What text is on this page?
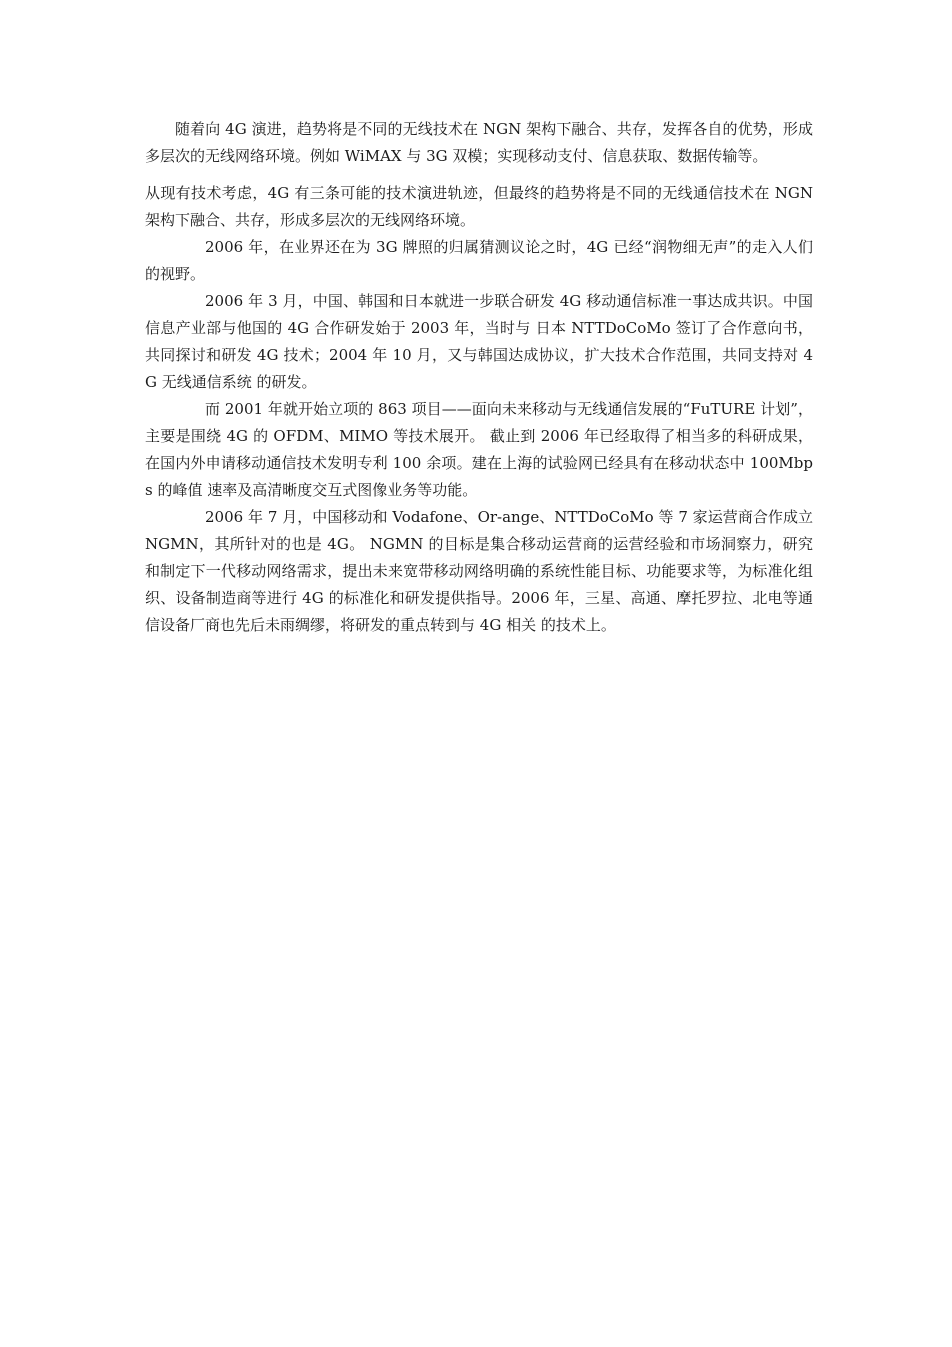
随着向 4G 演进，趋势将是不同的无线技术在 NGN 架构下融合、共存，发挥各自的优势，形成多层次的无线网络环境。例如 WiMAX 与 3G 双模；实现移动支付、信息获取、数据传输等。

从现有技术考虑，4G 有三条可能的技术演进轨迹，但最终的趋势将是不同的无线通信技术在 NGN 架构下融合、共存，形成多层次的无线网络环境。

2006 年，在业界还在为 3G 牌照的归属猜测议论之时，4G 已经“润物细无声”的走入人们的视野。

2006 年 3 月，中国、韩国和日本就进一步联合研发 4G 移动通信标准一事达成共识。中国信息产业部与他国的 4G 合作研发始于 2003 年，当时与 日本 NTTDoCoMo 签订了合作意向书，共同探讨和研发 4G 技术；2004 年 10 月，又与韩国达成协议，扩大技术合作范围，共同支持对 4G 无线通信系统 的研发。

而 2001 年就开始立项的 863 项目——面向未来移动与无线通信发展的“FuTURE 计划”，主要是围绕 4G 的 OFDM、MIMO 等技术展开。 截止到 2006 年已经取得了相当多的科研成果，在国内外申请移动通信技术发明专利 100 余项。建在上海的试验网已经具有在移动状态中 100Mbps 的峰值 速率及高清晰度交互式图像业务等功能。

2006 年 7 月，中国移动和 Vodafone、Or-ange、NTTDoCoMo 等 7 家运营商合作成立 NGMN，其所针对的也是 4G。 NGMN 的目标是集合移动运营商的运营经验和市场洞察力，研究和制定下一代移动网络需求，提出未来宽带移动网络明确的系统性能目标、功能要求等，为标准化组织、设备制造商等进行 4G 的标准化和研发提供指导。2006 年，三星、高通、摩托罗拉、北电等通信设备厂商也先后未雨绸缪，将研发的重点转到与 4G 相关 的技术上。
